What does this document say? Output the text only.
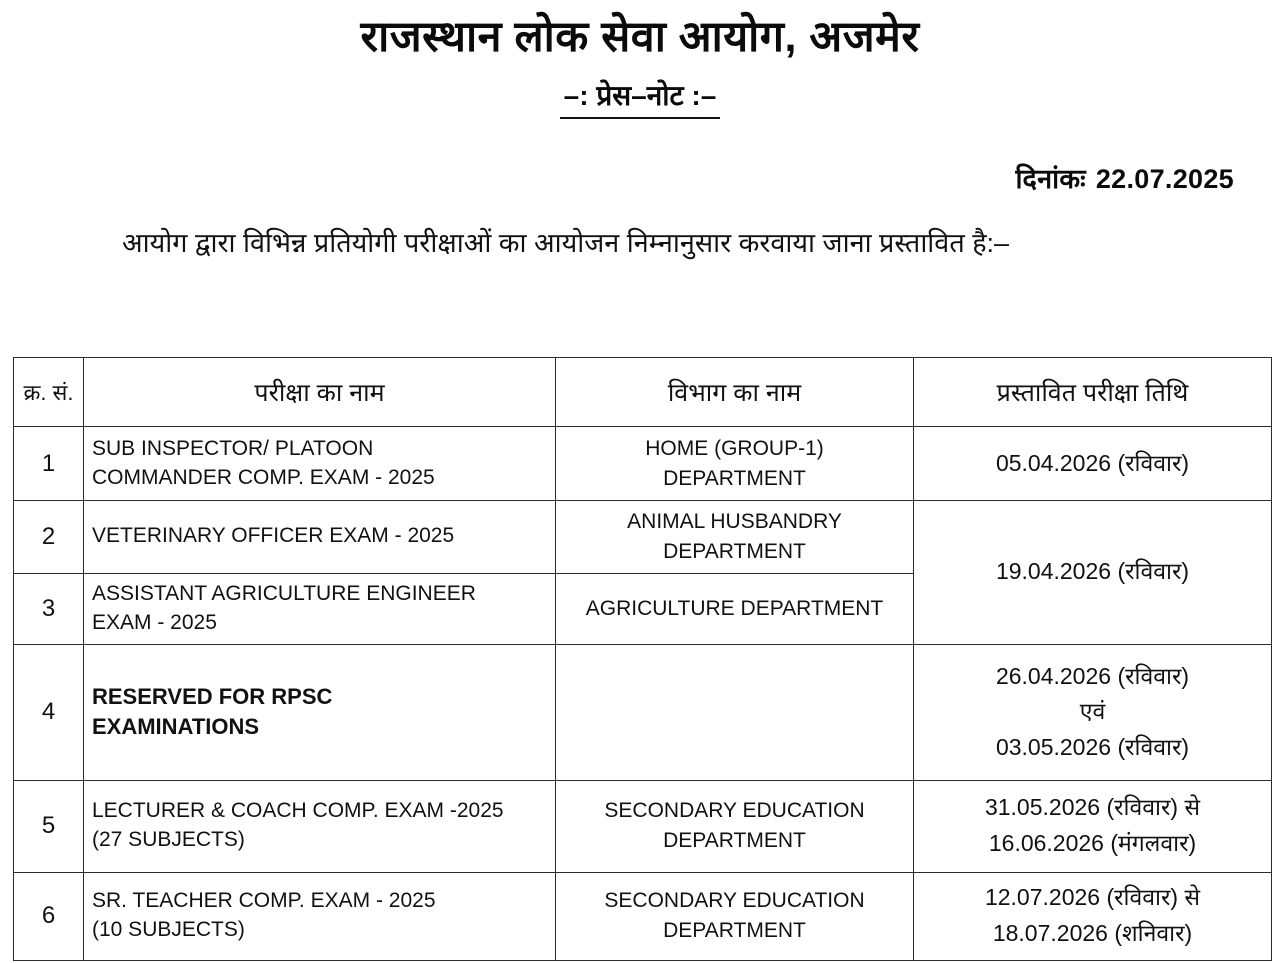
राजस्थान लोक सेवा आयोग, अजमेर
–: प्रेस–नोट :–
दिनांकः 22.07.2025
आयोग द्वारा विभिन्न प्रतियोगी परीक्षाओं का आयोजन निम्नानुसार करवाया जाना प्रस्तावित है:–
क्र. सं.	परीक्षा का नाम	विभाग का नाम	प्रस्तावित परीक्षा तिथि
1	SUB INSPECTOR/ PLATOON
COMMANDER COMP. EXAM - 2025	HOME (GROUP-1)
DEPARTMENT	05.04.2026 (रविवार)

2	VETERINARY OFFICER EXAM - 2025	ANIMAL HUSBANDRY
DEPARTMENT	19.04.2026 (रविवार)

3	ASSISTANT AGRICULTURE ENGINEER
EXAM - 2025	AGRICULTURE DEPARTMENT	

4	RESERVED FOR RPSC
EXAMINATIONS		26.04.2026 (रविवार)
एवं
03.05.2026 (रविवार)

5	LECTURER & COACH COMP. EXAM -2025
(27 SUBJECTS)	SECONDARY EDUCATION
DEPARTMENT	31.05.2026 (रविवार) से
16.06.2026 (मंगलवार)

6	SR. TEACHER COMP. EXAM - 2025
(10 SUBJECTS)	SECONDARY EDUCATION
DEPARTMENT	12.07.2026 (रविवार) से
18.07.2026 (शनिवार)
